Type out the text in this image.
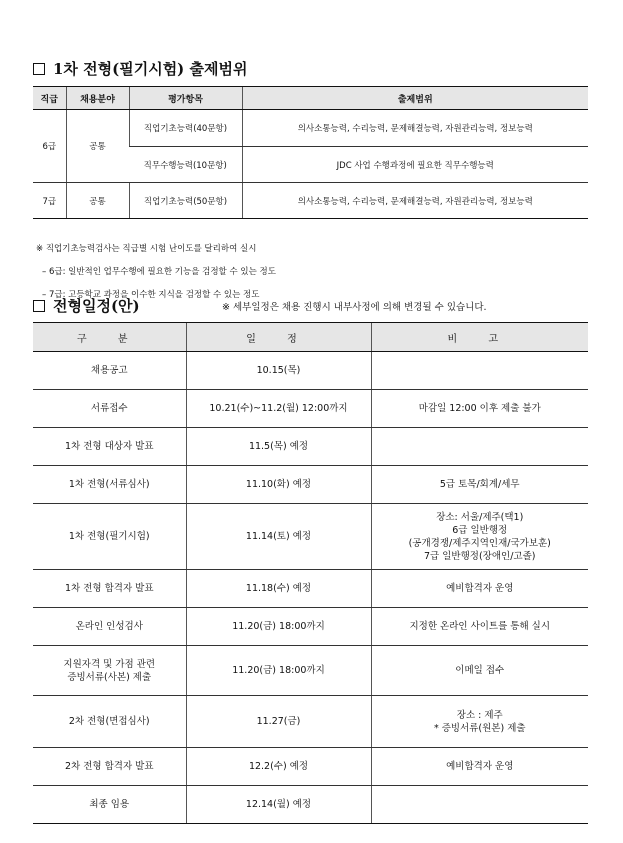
1차 전형(필기시험) 출제범위
직급	채용분야	평가항목	출제범위
6급	공통	직업기초능력(40문항)	의사소통능력, 수리능력, 문제해결능력, 자원관리능력, 정보능력
		직무수행능력(10문항)	JDC 사업 수행과정에 필요한 직무수행능력
7급	공통	직업기초능력(50문항)	의사소통능력, 수리능력, 문제해결능력, 자원관리능력, 정보능력

※ 직업기초능력검사는 직급별 시험 난이도를 달리하여 실시

– 6급: 일반적인 업무수행에 필요한 기능을 검정할 수 있는 정도

– 7급: 고등학교 과정을 이수한 지식을 검정할 수 있는 정도

전형일정(안)	※ 세부일정은 채용 진행시 내부사정에 의해 변경될 수 있습니다.
구 분	일 정	비 고
채용공고	10.15(목)	
서류접수	10.21(수)~11.2(월) 12:00까지	마감일 12:00 이후 제출 불가
1차 전형 대상자 발표	11.5(목) 예정	
1차 전형(서류심사)	11.10(화) 예정	5급 토목/회계/세무
1차 전형(필기시험)	11.14(토) 예정	장소: 서울/제주(택1)
6급 일반행정
(공개경쟁/제주지역인재/국가보훈)
7급 일반행정(장애인/고졸)
1차 전형 합격자 발표	11.18(수) 예정	예비합격자 운영
온라인 인성검사	11.20(금) 18:00까지	지정한 온라인 사이트를 통해 실시
지원자격 및 가점 관련
증빙서류(사본) 제출	11.20(금) 18:00까지	이메일 접수
2차 전형(면접심사)	11.27(금)	장소 : 제주
* 증빙서류(원본) 제출
2차 전형 합격자 발표	12.2(수) 예정	예비합격자 운영
최종 임용	12.14(월) 예정	
